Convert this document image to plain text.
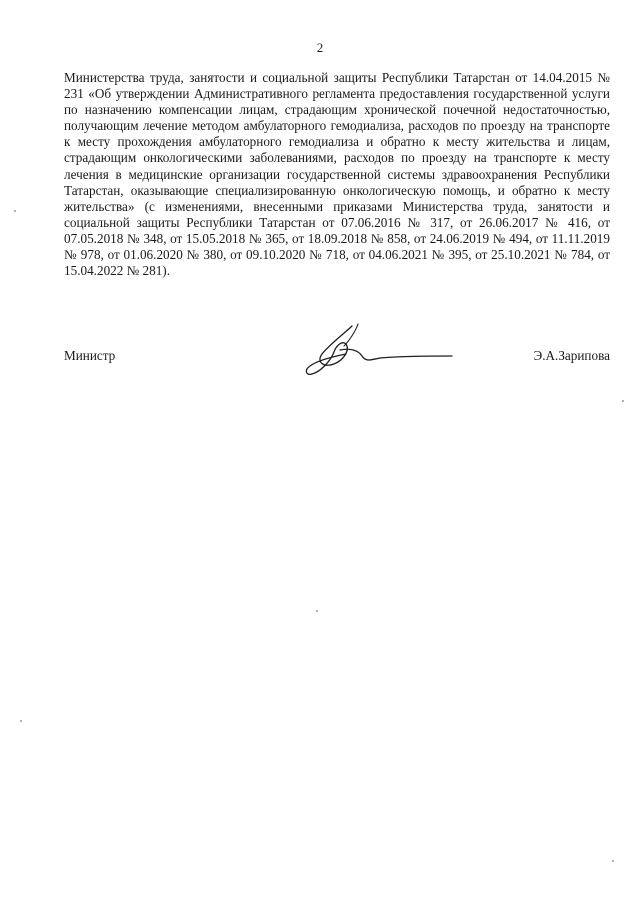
2

Министерства труда, занятости и социальной защиты Республики Татарстан от 14.04.2015 № 231 «Об утверждении Административного регламента предоставления государственной услуги по назначению компенсации лицам, страдающим хронической почечной недостаточностью, получающим лечение методом амбулаторного гемодиализа, расходов по проезду на транспорте к месту прохождения амбулаторного гемодиализа и обратно к месту жительства и лицам, страдающим онкологическими заболеваниями, расходов по проезду на транспорте к месту лечения в медицинские организации государственной системы здравоохранения Республики Татарстан, оказывающие специализированную онкологическую помощь, и обратно к месту жительства» (с изменениями, внесенными приказами Министерства труда, занятости и социальной защиты Республики Татарстан от 07.06.2016 № 317, от 26.06.2017 № 416, от 07.05.2018 № 348, от 15.05.2018 № 365, от 18.09.2018 № 858, от 24.06.2019 № 494, от 11.11.2019 № 978, от 01.06.2020 № 380, от 09.10.2020 № 718, от 04.06.2021 № 395, от 25.10.2021 № 784, от 15.04.2022 № 281).

Министр	Э.А.Зарипова
